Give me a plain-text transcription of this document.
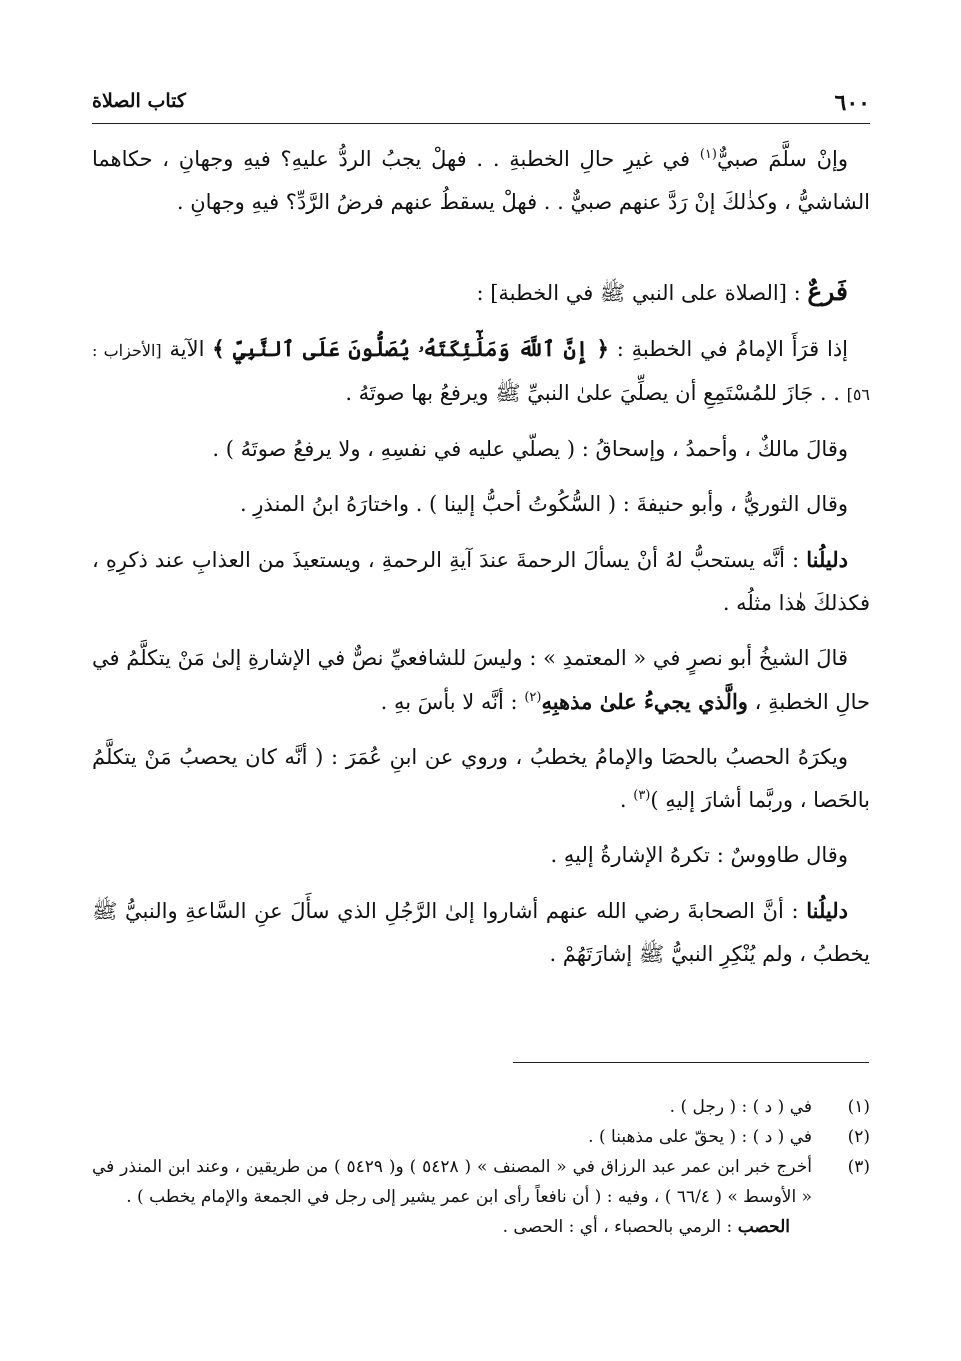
٦٠٠
كتاب الصلاة

وإنْ سلَّمَ صبيٌّ$^{(١)}$ في غيرِ حالِ الخطبةِ . . فهلْ يجبُ الردُّ عليهِ؟ فيهِ وجهانِ ، حكاهما الشاشيُّ ، وكذٰلكَ إنْ رَدَّ عنهم صبيٌّ . . فهلْ يسقطُ عنهم فرضُ الرَّدِّ؟ فيهِ وجهانِ .

فَرعٌ : [الصلاة على النبي ﷺ في الخطبة] :

إذا قرَأَ الإمامُ في الخطبةِ : ﴿ إِنَّ ٱللَّهَ وَمَلَٰٓئِكَتَهُۥ يُصَلُّونَ عَلَى ٱلنَّبِيِّ ﴾ الآية [الأحزاب : ٥٦] . . جَازَ للمُسْتَمِعِ أن يصلِّيَ علىٰ النبيِّ ﷺ ويرفعُ بها صوتَهُ .

وقالَ مالكٌ ، وأحمدُ ، وإسحاقُ : ( يصلّي عليه في نفسِهِ ، ولا يرفعُ صوتَهُ ) .

وقال الثوريُّ ، وأبو حنيفةَ : ( السُّكُوتُ أحبُّ إلينا ) . واختارَهُ ابنُ المنذرِ .

دليلُنا : أنَّه يستحبُّ لهُ أنْ يسألَ الرحمةَ عندَ آيةِ الرحمةِ ، ويستعيذَ من العذابِ عند ذكرِهِ ، فكذلكَ هٰذا مثلُه .

قالَ الشيخُ أبو نصرٍ في « المعتمدِ » : وليسَ للشافعيِّ نصٌّ في الإشارةِ إلىٰ مَنْ يتكلَّمُ في حالِ الخطبةِ ، والَّذي يجيءُ علىٰ مذهبِهِ$^{(٢)}$ : أنَّه لا بأسَ بهِ .

ويكرَهُ الحصبُ بالحصَا والإمامُ يخطبُ ، وروي عن ابنِ عُمَرَ : ( أنَّه كان يحصبُ مَنْ يتكلَّمُ بالحَصا ، وربَّما أشارَ إليهِ )$^{(٣)}$ .

وقال طاووسٌ : تكرهُ الإشارةُ إليهِ .

دليلُنا : أنَّ الصحابةَ رضي الله عنهم أشاروا إلىٰ الرَّجُلِ الذي سأَلَ عنِ السَّاعةِ والنبيُّ ﷺ يخطبُ ، ولم يُنْكِرِ النبيُّ ﷺ إشارَتَهُمْ .

(١)
في ( د ) : ( رجل ) .
(٢)
في ( د ) : ( يحقّ على مذهبنا ) .
(٣)
أخرج خبر ابن عمر عبد الرزاق في « المصنف » ( ٥٤٢٨ ) و( ٥٤٢٩ ) من طريقين ، وعند ابن المنذر في « الأوسط » ( ٦٦/٤ ) ، وفيه : ( أن نافعاً رأى ابن عمر يشير إلى رجل في الجمعة والإمام يخطب ) .
الحصب : الرمي بالحصباء ، أي : الحصى .
